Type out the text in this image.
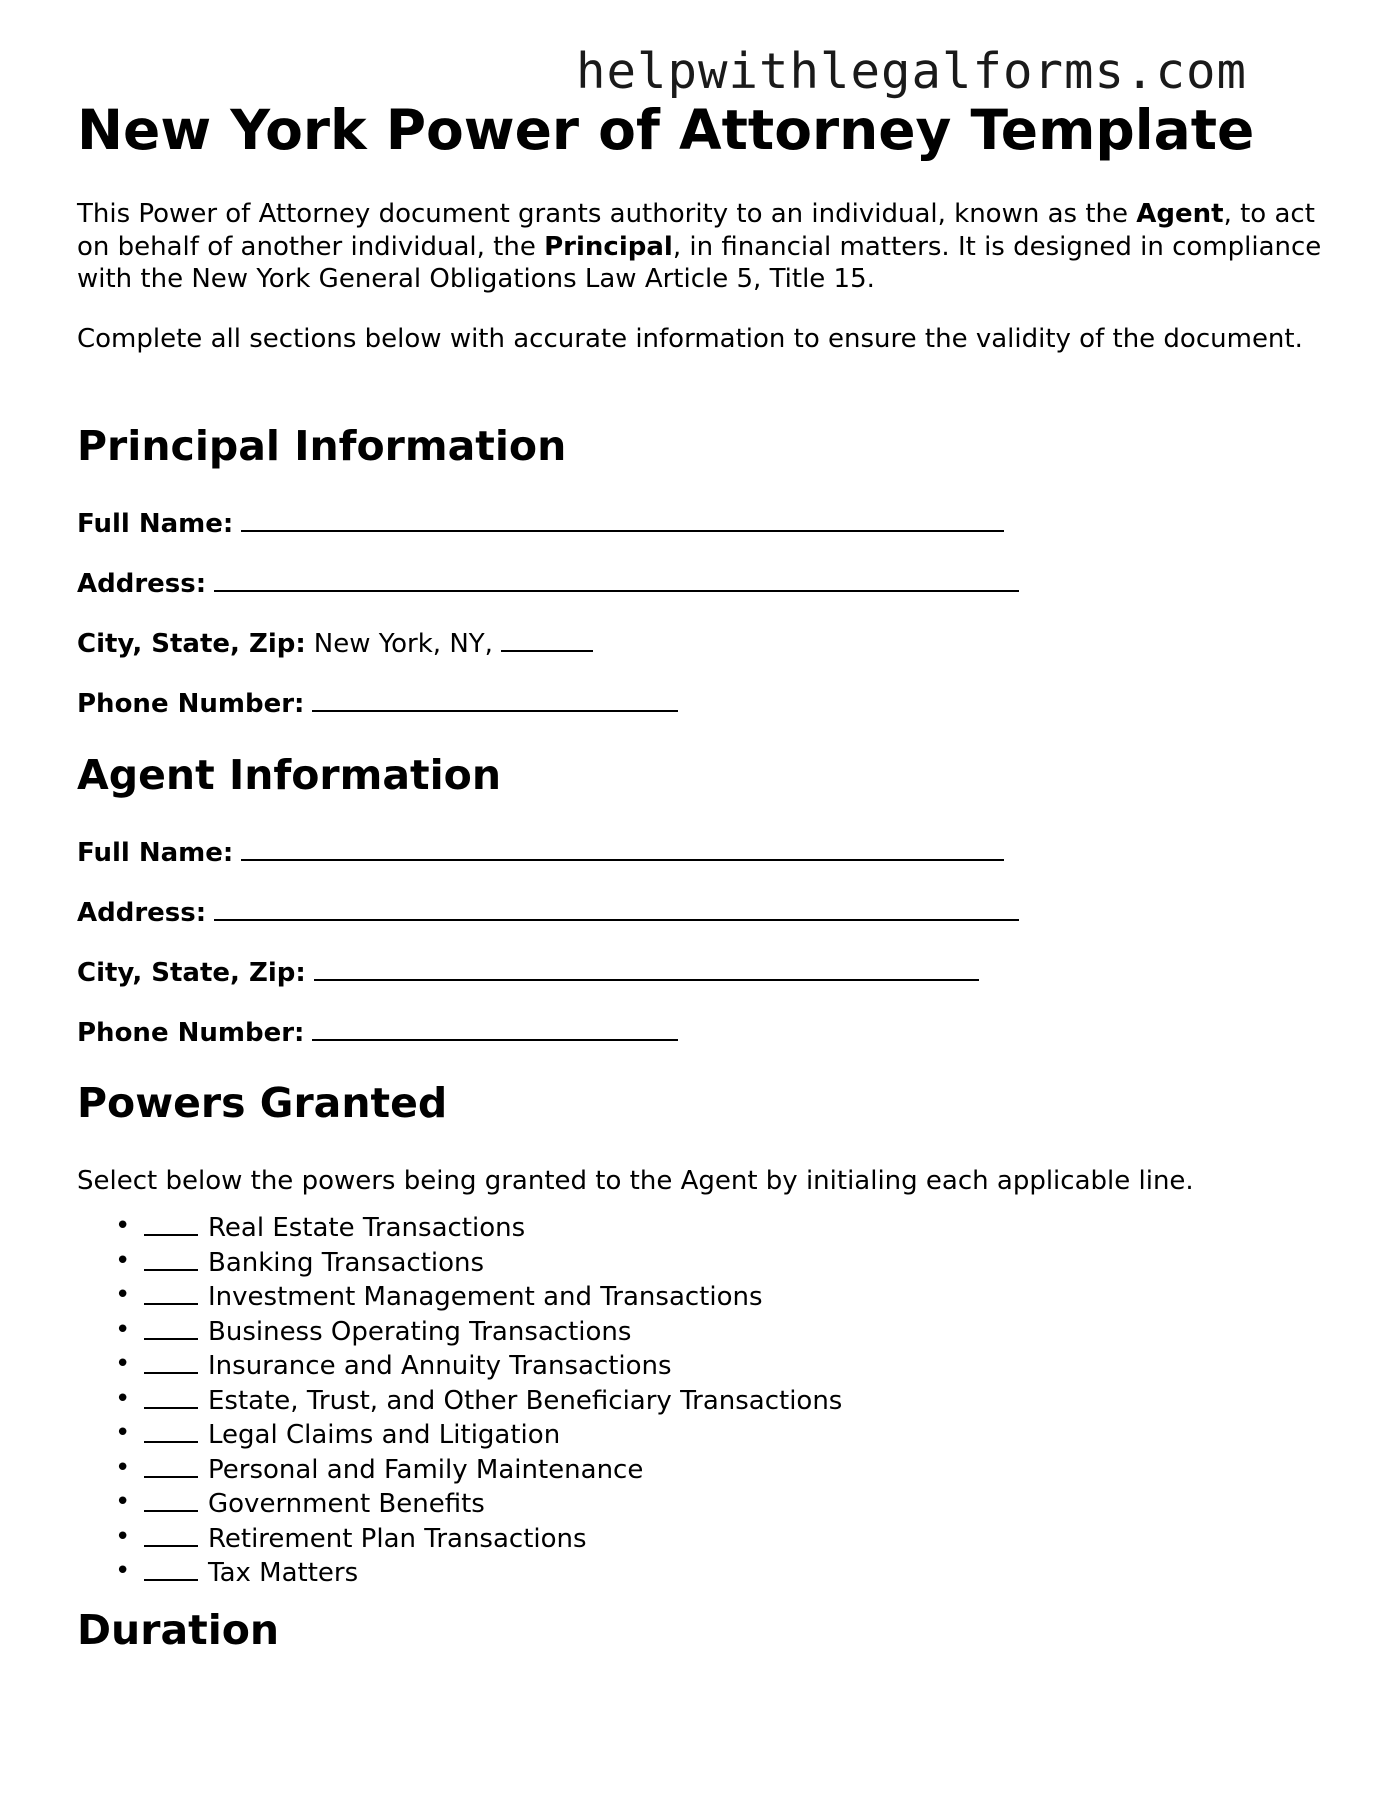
helpwithlegalforms.com
New York Power of Attorney Template
This Power of Attorney document grants authority to an individual, known as the Agent, to act on behalf of another individual, the Principal, in financial matters. It is designed in compliance with the New York General Obligations Law Article 5, Title 15.
Complete all sections below with accurate information to ensure the validity of the document.
Principal Information
Full Name:
Address:
City, State, Zip: New York, NY,
Phone Number:
Agent Information
Full Name:
Address:
City, State, Zip:
Phone Number:
Powers Granted
Select below the powers being granted to the Agent by initialing each applicable line.
•	Real Estate Transactions
•	Banking Transactions
•	Investment Management and Transactions
•	Business Operating Transactions
•	Insurance and Annuity Transactions
•	Estate, Trust, and Other Beneficiary Transactions
•	Legal Claims and Litigation
•	Personal and Family Maintenance
•	Government Benefits
•	Retirement Plan Transactions
•	Tax Matters
Duration
